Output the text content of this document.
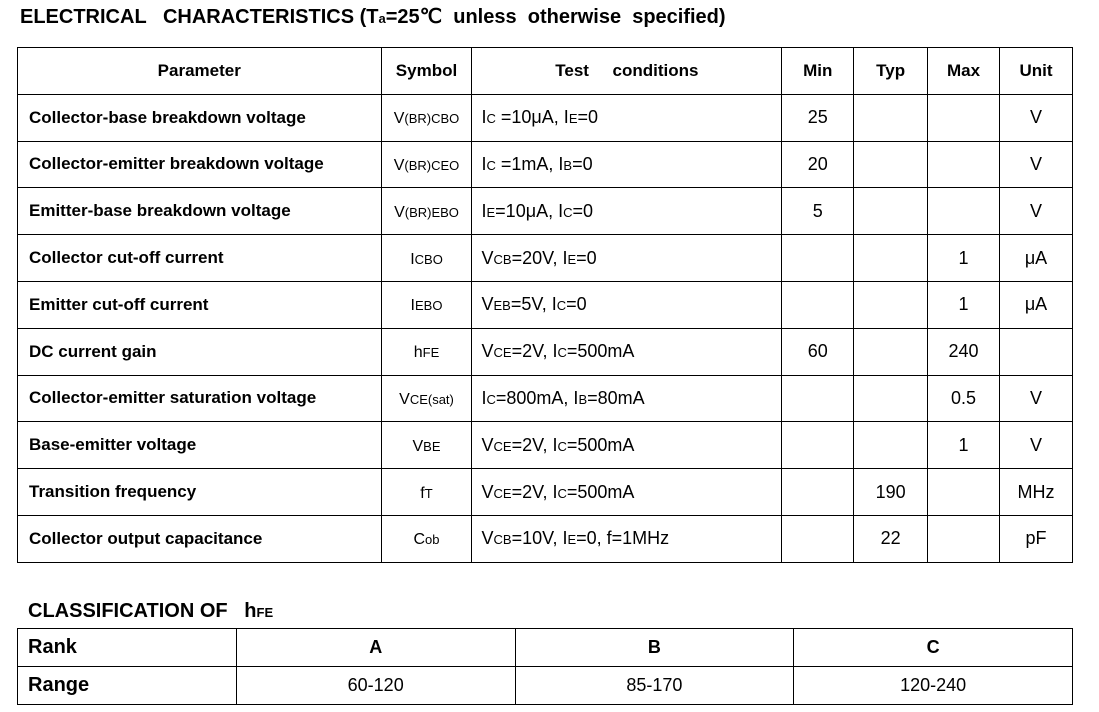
ELECTRICAL   CHARACTERISTICS (Ta=25℃  unless  otherwise  specified)
Parameter	Symbol	Test     conditions	Min	Typ	Max	Unit
Collector-base breakdown voltage	V(BR)CBO	IC =10μA, IE=0	25			V
Collector-emitter breakdown voltage	V(BR)CEO	IC =1mA, IB=0	20			V
Emitter-base breakdown voltage	V(BR)EBO	IE=10μA, IC=0	5			V
Collector cut-off current	ICBO	VCB=20V, IE=0			1	μA
Emitter cut-off current	IEBO	VEB=5V, IC=0			1	μA
DC current gain	hFE	VCE=2V, IC=500mA	60		240	
Collector-emitter saturation voltage	VCE(sat)	IC=800mA, IB=80mA			0.5	V
Base-emitter voltage	VBE	VCE=2V, IC=500mA			1	V
Transition frequency	fT	VCE=2V, IC=500mA		190		MHz
Collector output capacitance	Cob	VCB=10V, IE=0, f=1MHz		22		pF
CLASSIFICATION OF   hFE
Rank	A	B	C
Range	60-120	85-170	120-240
